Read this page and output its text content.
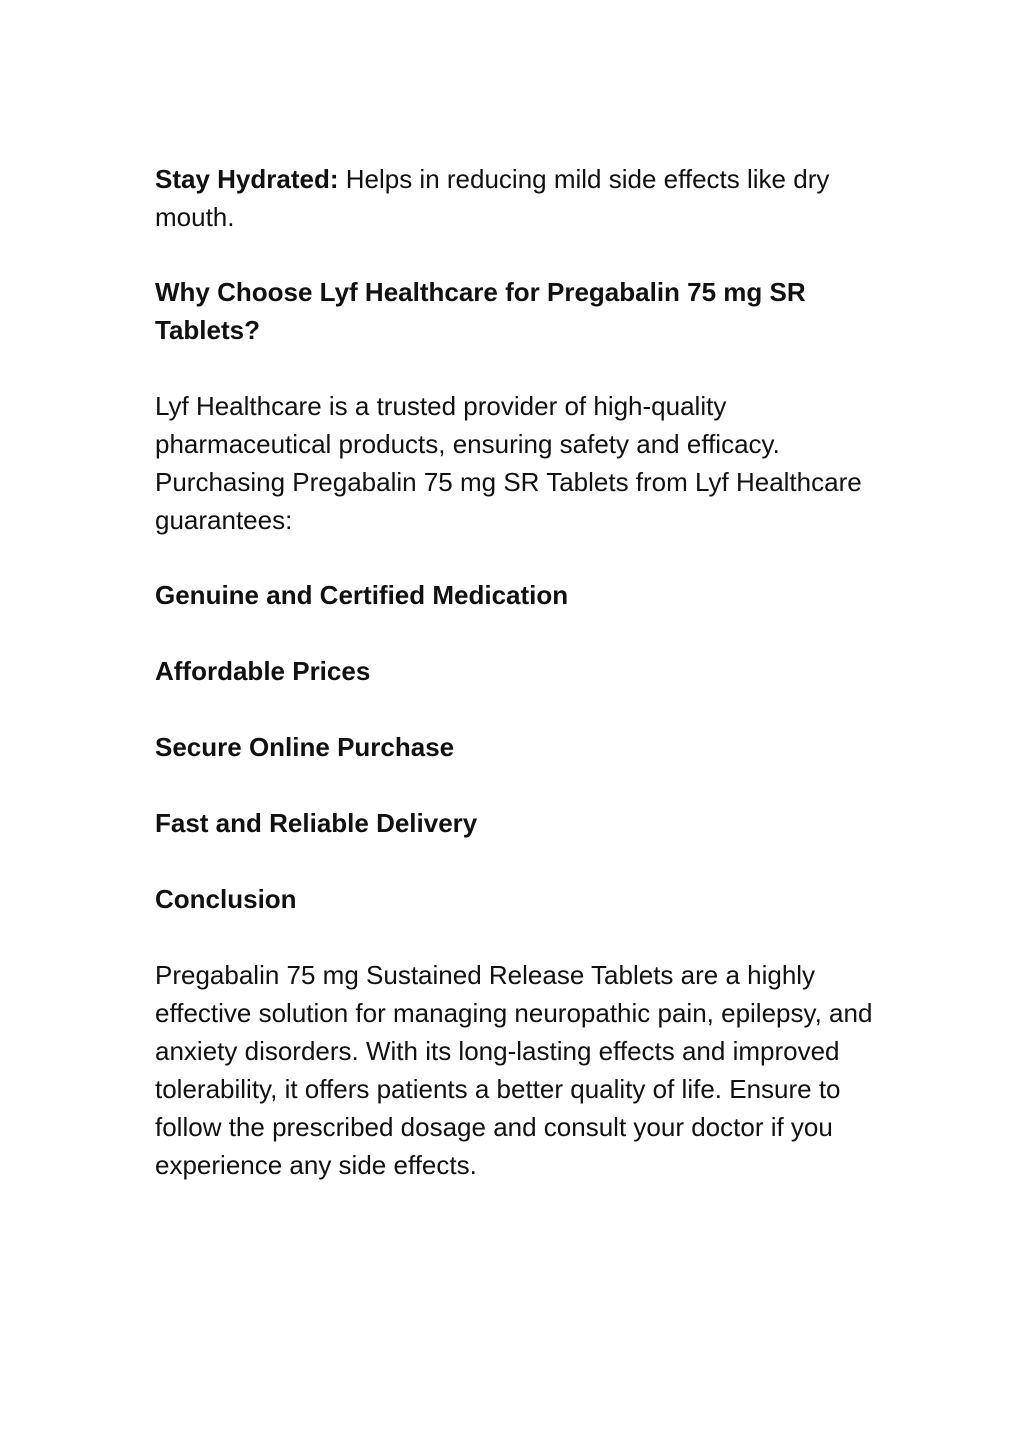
Stay Hydrated: Helps in reducing mild side effects like dry mouth.

Why Choose Lyf Healthcare for Pregabalin 75 mg SR Tablets?

Lyf Healthcare is a trusted provider of high-quality pharmaceutical products, ensuring safety and efficacy. Purchasing Pregabalin 75 mg SR Tablets from Lyf Healthcare guarantees:

Genuine and Certified Medication

Affordable Prices

Secure Online Purchase

Fast and Reliable Delivery

Conclusion

Pregabalin 75 mg Sustained Release Tablets are a highly effective solution for managing neuropathic pain, epilepsy, and anxiety disorders. With its long-lasting effects and improved tolerability, it offers patients a better quality of life. Ensure to follow the prescribed dosage and consult your doctor if you experience any side effects.
